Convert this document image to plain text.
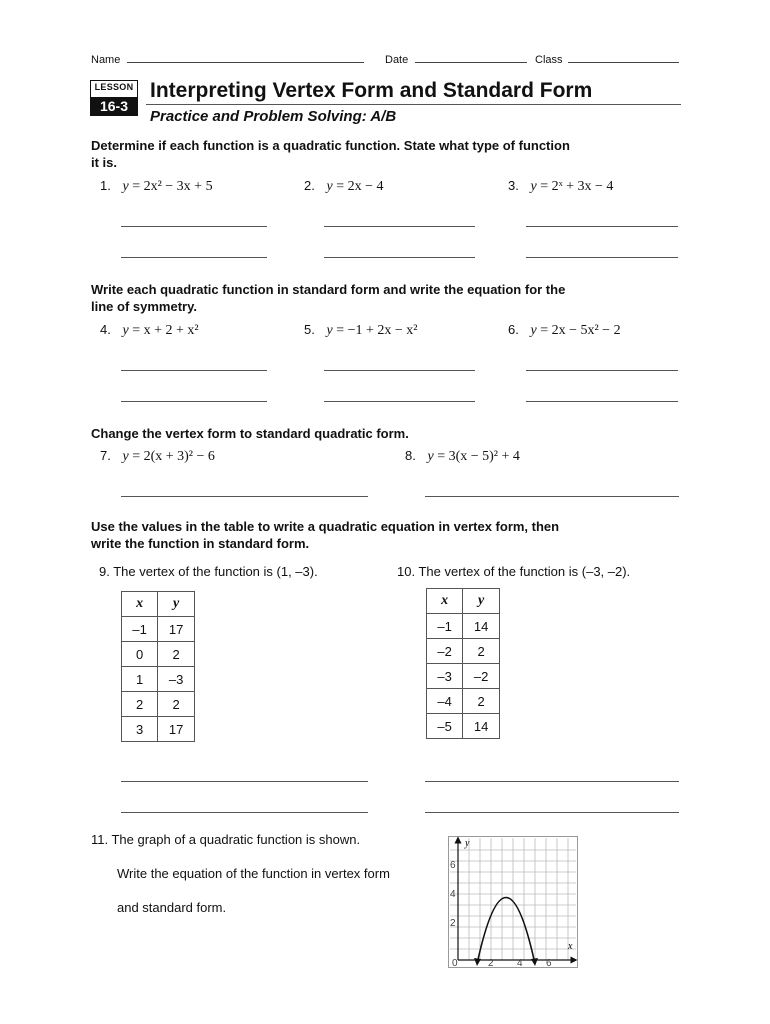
Name	Date	Class
LESSON
16-3
Interpreting Vertex Form and Standard Form
Practice and Problem Solving: A/B
Determine if each function is a quadratic function. State what type of function it is.
1. y = 2x² − 3x + 5	2. y = 2x − 4	3. y = 2ˣ + 3x − 4
Write each quadratic function in standard form and write the equation for the line of symmetry.
4. y = x + 2 + x²	5. y = −1 + 2x − x²	6. y = 2x − 5x² − 2
Change the vertex form to standard quadratic form.
7. y = 2(x + 3)² − 6	8. y = 3(x − 5)² + 4
Use the values in the table to write a quadratic equation in vertex form, then write the function in standard form.
9. The vertex of the function is (1, –3).	10. The vertex of the function is (–3, –2).
x	y
–1	17
0	2
1	–3
2	2
3	17
x	y
–1	14
–2	2
–3	–2
–4	2
–5	14
11. The graph of a quadratic function is shown.
Write the equation of the function in vertex form
and standard form.
y
x
6
4
2
0	2 4 6
